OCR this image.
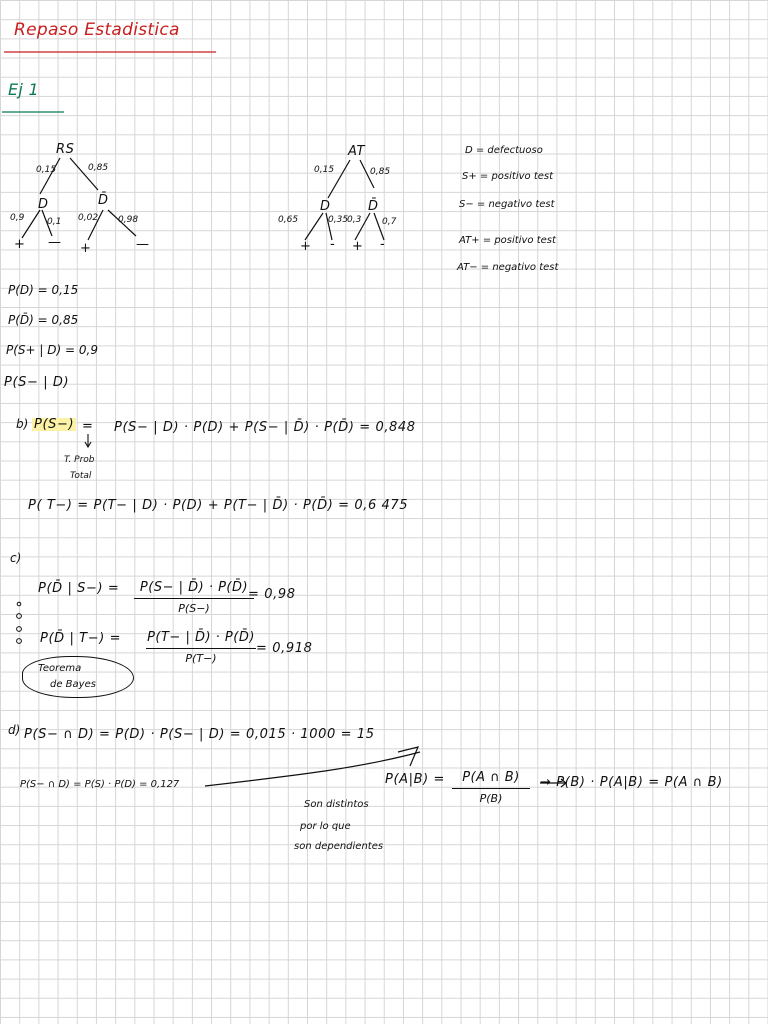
Repaso Estadistica
Ej 1
RS
0,15	0,85
D	D̄
0,9	0,1 0,02 0,98
+ — +	—
AT
0,15	0,85
D	D̄
0,65	0,35
0,3 0,7
+ - + -
D = defectuoso
S+ = positivo test
S− = negativo test
AT+ = positivo test
AT− = negativo test
P(D) = 0,15
P(D̄) = 0,85
P(S+ | D) = 0,9
P(S− | D)
b) P(S−) = P(S− | D) · P(D) + P(S− | D̄) · P(D̄) = 0,848
T. Prob
Total
P( T−) = P(T− | D) · P(D) + P(T− | D̄) · P(D̄) = 0,6 475
c)
P(D̄ | S−) = P(S− | D̄) · P(D̄)
P(S−)
= 0,98
P(D̄ | T−) = P(T− | D̄) · P(D̄)
P(T−)
= 0,918
Teorema
de Bayes
d) P(S− ∩ D) = P(D) · P(S− | D) = 0,015 · 1000 = 15
P(S− ∩ D) = P(S) · P(D) = 0,127	P(A|B) = P(A ∩ B)
P(B)
→ P(B) · P(A|B) = P(A ∩ B)
Son distintos
por lo que
son dependientes
